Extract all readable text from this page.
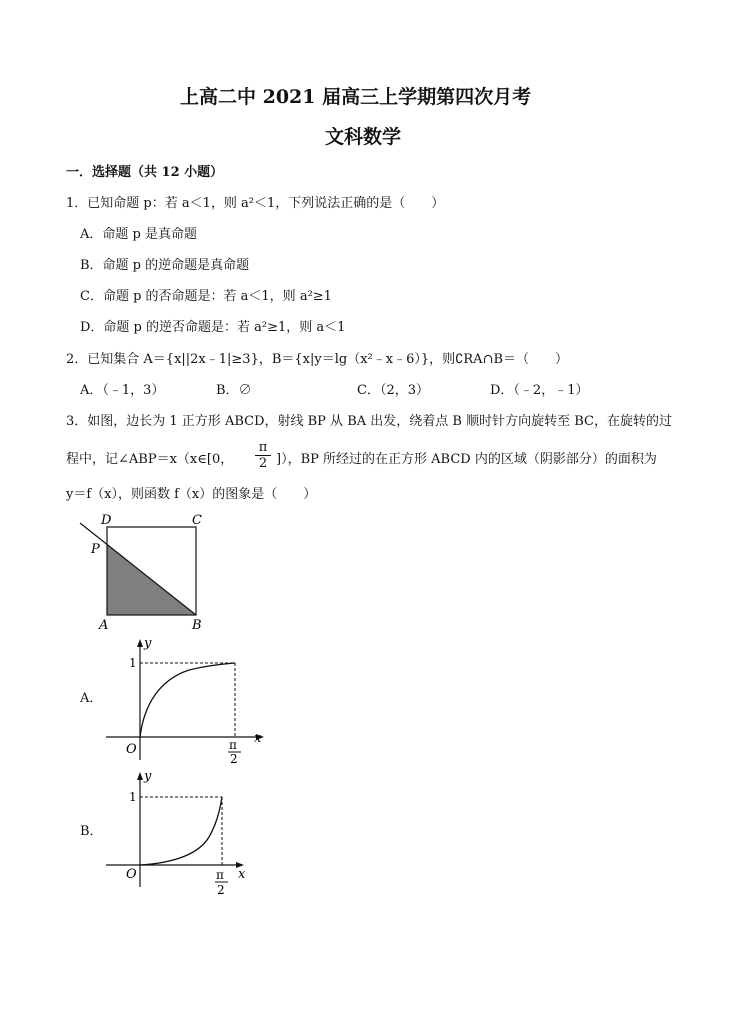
上高二中 2021 届高三上学期第四次月考
文科数学
一．选择题（共 12 小题）
1．已知命题 p：若 a＜1，则 a²＜1，下列说法正确的是（　　）
A．命题 p 是真命题
B．命题 p 的逆命题是真命题
C．命题 p 的否命题是：若 a＜1，则 a²≥1
D．命题 p 的逆否命题是：若 a²≥1，则 a＜1
2．已知集合 A＝{x||2x﹣1|≥3}，B＝{x|y＝lg（x²﹣x﹣6）}，则∁RA∩B＝（　　）
A．（﹣1，3）	B．∅	C．（2，3）	D．（﹣2，﹣1）
3．如图，边长为 1 正方形 ABCD，射线 BP 从 BA 出发，绕着点 B 顺时针方向旋转至 BC，在旋转的过
程中，记∠ABP＝x（x∈[0，
π
2 ]），BP 所经过的在正方形 ABCD 内的区域（阴影部分）的面积为
y＝f（x），则函数 f（x）的图象是（　　）
D	C
P
A	B
A．
y
1
O
x
π
2
B．
y
1
O	x
π
2
